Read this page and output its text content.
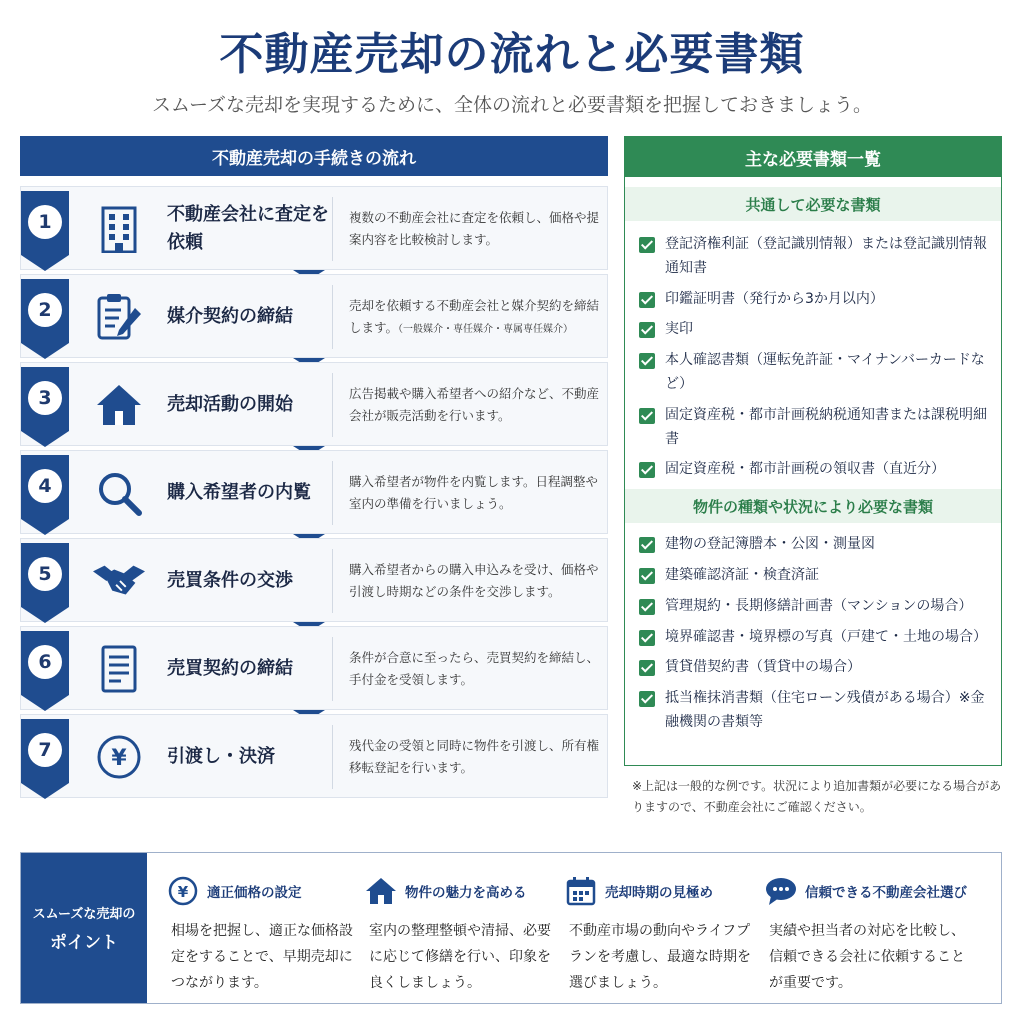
不動産売却の流れと必要書類
スムーズな売却を実現するために、全体の流れと必要書類を把握しておきましょう。
不動産売却の手続きの流れ
1	不動産会社に査定を依頼
複数の不動産会社に査定を依頼し、価格や提案内容を比較検討します。
2	媒介契約の締結
売却を依頼する不動産会社と媒介契約を締結します。（一般媒介・専任媒介・専属専任媒介）
3	売却活動の開始
広告掲載や購入希望者への紹介など、不動産会社が販売活動を行います。
4	購入希望者の内覧
購入希望者が物件を内覧します。日程調整や室内の準備を行いましょう。
5	売買条件の交渉
購入希望者からの購入申込みを受け、価格や引渡し時期などの条件を交渉します。
6	売買契約の締結
条件が合意に至ったら、売買契約を締結し、手付金を受領します。
7	¥ 引渡し・決済
残代金の受領と同時に物件を引渡し、所有権移転登記を行います。
主な必要書類一覧
共通して必要な書類
登記済権利証（登記識別情報）または登記識別情報通知書
印鑑証明書（発行から3か月以内）
実印
本人確認書類（運転免許証・マイナンバーカードなど）
固定資産税・都市計画税納税通知書または課税明細書
固定資産税・都市計画税の領収書（直近分）
物件の種類や状況により必要な書類
建物の登記簿謄本・公図・測量図
建築確認済証・検査済証
管理規約・長期修繕計画書（マンションの場合）
境界確認書・境界標の写真（戸建て・土地の場合）
賃貸借契約書（賃貸中の場合）
抵当権抹消書類（住宅ローン残債がある場合）※金融機関の書類等
※上記は一般的な例です。状況により追加書類が必要になる場合がありますので、不動産会社にご確認ください。
スムーズな売却の
ポイント
¥ 適正価格の設定
相場を把握し、適正な価格設定をすることで、早期売却につながります。
物件の魅力を高める
室内の整理整頓や清掃、必要に応じて修繕を行い、印象を良くしましょう。
売却時期の見極め
不動産市場の動向やライフプランを考慮し、最適な時期を選びましょう。
信頼できる不動産会社選び
実績や担当者の対応を比較し、信頼できる会社に依頼することが重要です。
